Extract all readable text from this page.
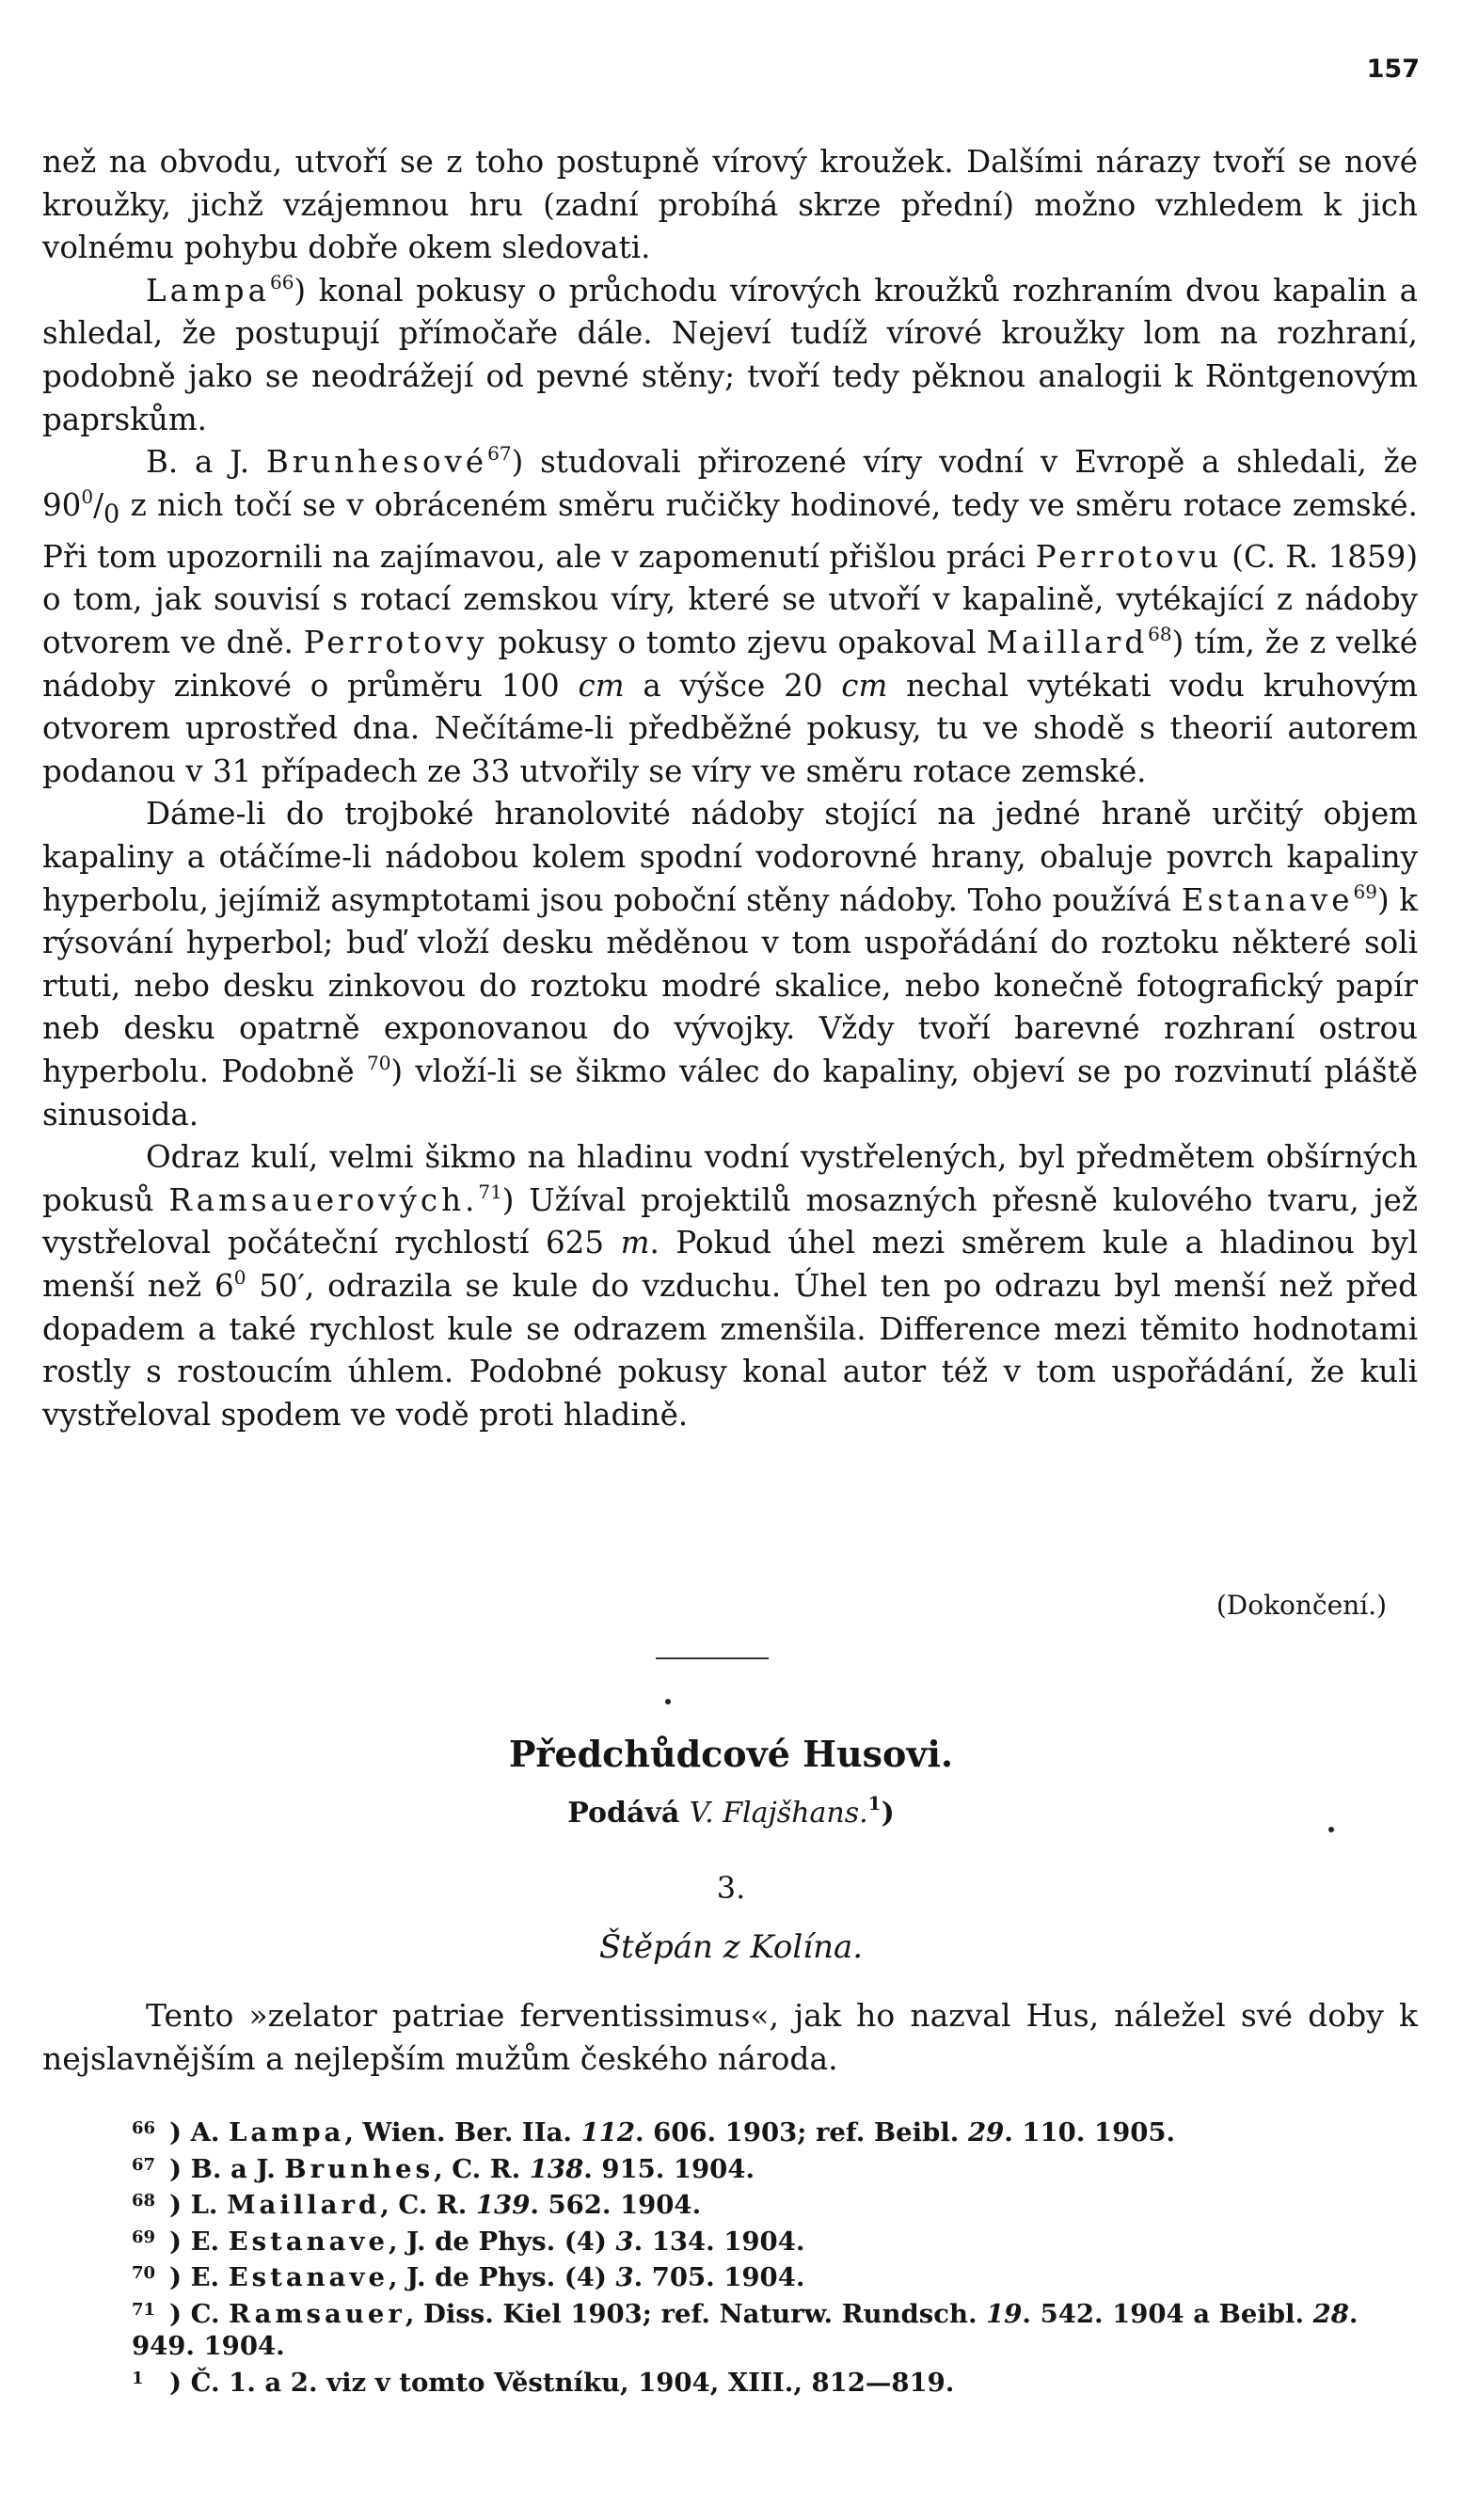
157

než na obvodu, utvoří se z toho postupně vírový kroužek. Dalšími nárazy tvoří se nové kroužky, jichž vzájemnou hru (zadní probíhá skrze přední) možno vzhledem k jich volnému pohybu dobře okem sledovati.

Lampa$^{66}$) konal pokusy o průchodu vírových kroužků rozhraním dvou kapalin a shledal, že postupují přímočaře dále. Nejeví tudíž vírové kroužky lom na rozhraní, podobně jako se neodrážejí od pevné stěny; tvoří tedy pěknou analogii k Röntgenovým paprskům.

B. a J. Brunhesové$^{67}$) studovali přirozené víry vodní v Evropě a shledali, že $90^0/_0$ z nich točí se v obráceném směru ručičky hodinové, tedy ve směru rotace zemské. Při tom upozornili na zajímavou, ale v zapomenutí přišlou práci Perrotovu (C. R. 1859) o tom, jak souvisí s rotací zemskou víry, které se utvoří v kapalině, vytékající z nádoby otvorem ve dně. Perrotovy pokusy o tomto zjevu opakoval Maillard$^{68}$) tím, že z velké nádoby zinkové o průměru 100 cm a výšce 20 cm nechal vytékati vodu kruhovým otvorem uprostřed dna. Nečítáme-li předběžné pokusy, tu ve shodě s theorií autorem podanou v 31 případech ze 33 utvořily se víry ve směru rotace zemské.

Dáme-li do trojboké hranolovité nádoby stojící na jedné hraně určitý objem kapaliny a otáčíme-li nádobou kolem spodní vodorovné hrany, obaluje povrch kapaliny hyperbolu, jejímiž asymptotami jsou poboční stěny nádoby. Toho používá Estanave$^{69}$) k rýsování hyperbol; buď vloží desku měděnou v tom uspořádání do roztoku některé soli rtuti, nebo desku zinkovou do roztoku modré skalice, nebo konečně fotografický papír neb desku opatrně exponovanou do vývojky. Vždy tvoří barevné rozhraní ostrou hyperbolu. Podobně $^{70}$) vloží-li se šikmo válec do kapaliny, objeví se po rozvinutí pláště sinusoida.

Odraz kulí, velmi šikmo na hladinu vodní vystřelených, byl předmětem obšírných pokusů Ramsauerových.$^{71}$) Užíval projektilů mosazných přesně kulového tvaru, jež vystřeloval počáteční rychlostí 625 m. Pokud úhel mezi směrem kule a hladinou byl menší než $6^0$ 50′, odrazila se kule do vzduchu. Úhel ten po odrazu byl menší než před dopadem a také rychlost kule se odrazem zmenšila. Difference mezi těmito hodnotami rostly s rostoucím úhlem. Podobné pokusy konal autor též v tom uspořádání, že kuli vystřeloval spodem ve vodě proti hladině.

(Dokončení.)
Předchůdcové Husovi.
Podává V. Flajšhans.$^1$)
3.
Štěpán z Kolína.

Tento »zelator patriae ferventissimus«, jak ho nazval Hus, náležel své doby k nejslavnějším a nejlepším mužům českého národa.

66 ) A. Lampa, Wien. Ber. IIa. 112. 606. 1903; ref. Beibl. 29. 110. 1905.
67 ) B. a J. Brunhes, C. R. 138. 915. 1904.
68 ) L. Maillard, C. R. 139. 562. 1904.
69 ) E. Estanave, J. de Phys. (4) 3. 134. 1904.
70 ) E. Estanave, J. de Phys. (4) 3. 705. 1904.
71 ) C. Ramsauer, Diss. Kiel 1903; ref. Naturw. Rundsch. 19. 542. 1904 a Beibl. 28. 949. 1904.
1 ) Č. 1. a 2. viz v tomto Věstníku, 1904, XIII., 812—819.
